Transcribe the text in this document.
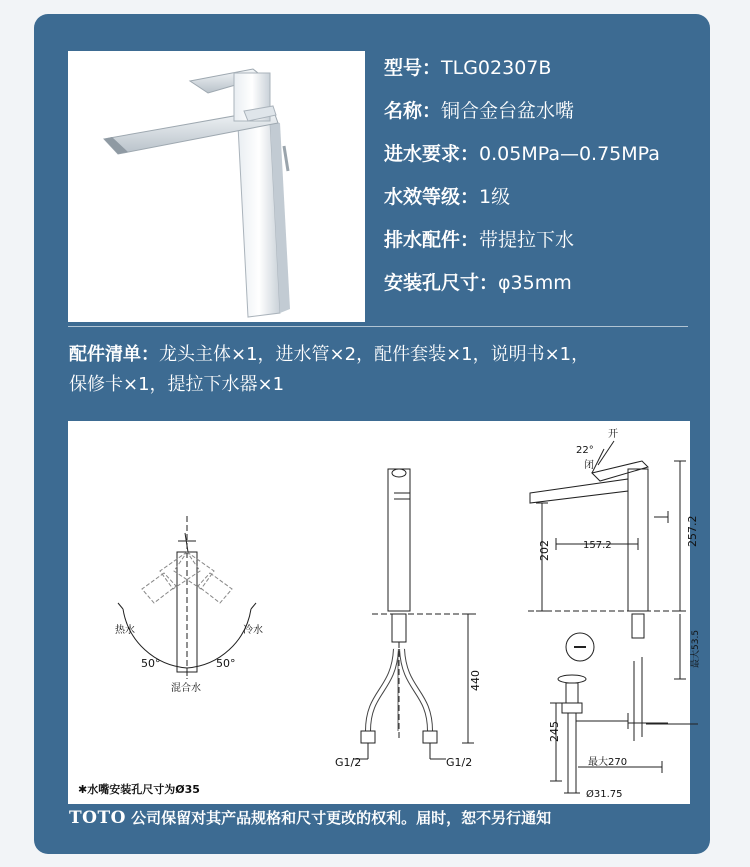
型号：TLG02307B
名称：铜合金台盆水嘴
进水要求：0.05MPa—0.75MPa
水效等级：1级
排水配件：带提拉下水
安装孔尺寸：φ35mm
配件清单：龙头主体×1，进水管×2，配件套装×1，说明书×1，
保修卡×1，提拉下水器×1
热水	冷水
50°	50°
混合水	440
G1/2	G1/2
开
22°
闭
157.2
202
257.2
最大53.5
245
最大270
Ø31.75
✱水嘴安装孔尺寸为Ø35
TOTO 公司保留对其产品规格和尺寸更改的权利。届时，恕不另行通知
